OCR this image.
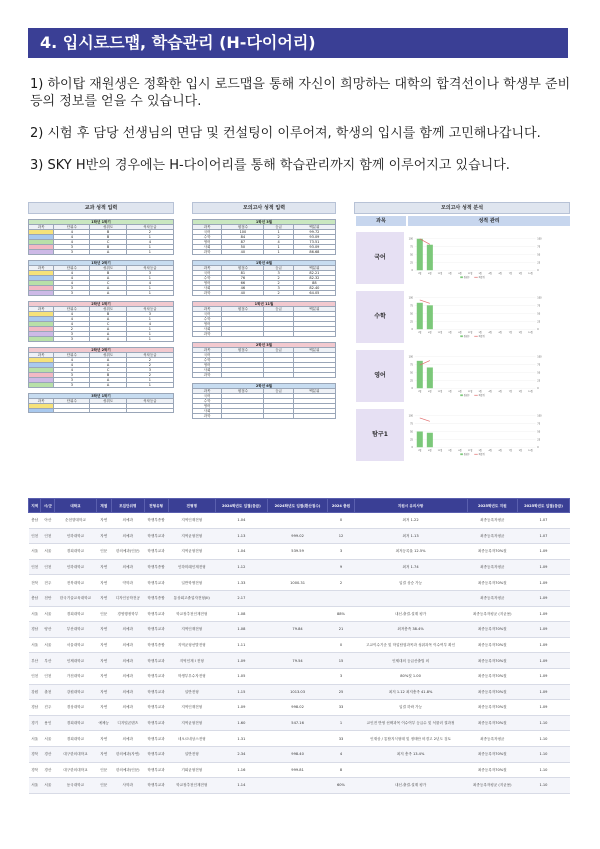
4. 입시로드맵, 학습관리 (H-다이어리)

1) 하이탑 재원생은 정확한 입시 로드맵을 통해 자신이 희망하는 대학의 합격선이나 학생부 준비 등의 정보를 얻을 수 있습니다.

2) 시험 후 담당 선생님의 면담 및 컨설팅이 이루어져, 학생의 입시를 함께 고민해나갑니다.

3) SKY H반의 경우에는 H-다이어리를 통해 학습관리까지 함께 이루어지고 있습니다.

교과 성적 입력
1학년 1학기			
과목	단위수	성취도	석차등급
	4	B	2
	4	B	1
	4	C	4
	3	B	1
	3	A	1
1학년 2학기			
과목	단위수	성취도	석차등급
	4	B	3
	4	A	1
	4	C	4
	3	A	1
	3	A	1
2학년 1학기			
과목	단위수	성취도	석차등급
	4	B	3
	4	A	1
	4	C	4
	2	A	1
	3	A	1
	3	A	1
2학년 2학기			
과목	단위수	성취도	석차등급
	4	A	2
	4	A	2
	4	C	3
	3	B	2
	3	A	1
	3	A	1
3학년 1학기			
과목	단위수	성취도	석차등급

모의고사 성적 입력
1학년 3월			
과목	원점수	등급	백분위
국어	100	1	99.72
수학	84	2	93.09
영어	87	4	73.51
사회	50	1	93.09
과학	40	1	86.68
1학년 6월			
과목	원점수	등급	백분위
국어	81	3	82.21
수학	76	2	82.32
영어	66	2	88
사회	46	3	82.40
과학	40	2	64.05
1학년 11월			
과목	원점수	등급	백분위
국어			
수학			
영어			
사회			
과학			
2학년 3월			
과목	원점수	등급	백분위
국어			
수학			
영어			
사회			
과학			
2학년 6월			
과목	원점수	등급	백분위
국어			
수학			
영어			
사회			
과학			
모의고사 성적 분석
과목	성적 관리
국어
0	0
25	25
50	50
75	75
100	100
3월	6월	11월	3월	6월	11월	3월	4월	6월	7월	9월	10월
원점수	백분위
수학
0	0
25	25
50	50
75	75
100	100
3월	6월	11월	3월	6월	11월	3월	4월	6월	7월	9월	10월
원점수	백분위
영어
0	0
25	25
50	50
75	75
100	100
3월	6월	11월	3월	6월	11월	3월	4월	6월	7월	9월	10월
원점수	백분위
탐구1
0	0
25	25
50	50
75	75
100	100
3월	6월	11월	3월	6월	11월	3월	4월	6월	7월	9월	10월
원점수	백분위
지역	시/군	대학교	계열	모집단위명	전형유형	전형명	2024학년도 입결(등급)	2024학년도 입결(환산점수)	2024 충원	지원시 유의사항	2025학년도 지원	2025학년도 입결(등급)
충남	아산	순천향대학교	자연	의예과	학생부종합	지역인재전형	1.04		0	최저 1.22	최종등록자평균	1.07
인천	인천	인하대학교	자연	의예과	학생부교과	지역균형전형	1.13	999.02	12	최저 1.13	최종등록자평균	1.07
서울	서울	경희대학교	인문	한의예과(인문)	학생부교과	지역균형전형	1.04	539.59	3	최저등록율 12.5%	최종등록자70%컷	1.09
인천	인천	인하대학교	자연	의예과	학생부종합	인하미래인재전형	1.12		9	최저 1.74	최종등록자평균	1.09
전북	전주	전북대학교	자연	약학과	학생부교과	일반학생전형	1.33	1000.31	2	입결 상승 가능	최종등록자70%컷	1.09
충남	천안	한국기술교육대학교	자연	디자인공학전공	학생부종합	통상회고졸업자전형(II)	2.17				최종등록자평균	1.09
서울	서울	경희대학교	인문	경영행정학부	학생부교과	학교장추천인재전형	1.08		88%	내신.출결.설계 평가	최종등록자평균 (지균용)	1.09
경남	양산	부산대학교	자연	의예과	학생부교과	지역인재전형	1.08	79.84	21	최저충족 38.4%	최종등록자70%컷	1.09
서울	서울	서울대학교	자연	의예과	학생부종합	지역균형선발전형	1.11		0	고교이수기준 및 학업탐험과목과 성취과목 이수여부 확인	최종등록자70%컷	1.09
부산	부산	인제대학교	자연	의예과	학생부교과	지역인재 I 전형	1.09	79.54	15	인제대의 등급산출법 외	최종등록자70%컷	1.09
인천	인천	가천대학교	자연	의예과	학생부교과	학생부우수자전형	1.05		3	80%컷 1.00	최종등록자70%컷	1.09
강원	춘천	강원대학교	자연	의예과	학생부교과	일반전형	1.15	1013.03	25	최저 1.12 최저충족 41.8%	최종등록자70%컷	1.09
경남	진주	경상대학교	자연	의예과	학생부교과	지역인재전형	1.09	998.02	33	입결 하락 가능	최종등록자70%컷	1.09
경기	용인	경희대학교	예체능	디지털콘텐츠	학생부교과	지역균형전형	1.60	547.16	1	교인전 반영 선택과목 이수여부 등급수 및 석룰러 결과정	최종등록자70%컷	1.10
서울	서울	경희대학교	자연	의예과	학생부교과	네오르네상스전형	1.31		33	인재상 / 통합지식형태 및 정태안 비경고 2년도 검토	최종등록자평균	1.10
경북	경산	대구한의대학교	자연	한의예과(자연)	학생부교과	일반전형	2.34	998.40	4	최저 충족 13.4%	최종등록자70%컷	1.10
경북	경산	대구한의대학교	인문	한의예과(인문)	학생부교과	기회균형전형	1.16	999.81	8		최종등록자70%컷	1.10
서울	서울	동국대학교	인문	사학과	학생부교과	학교장추천인재전형	1.14		60%	내신.출결.설계 평가	최종등록자평균 (지균용)	1.10
